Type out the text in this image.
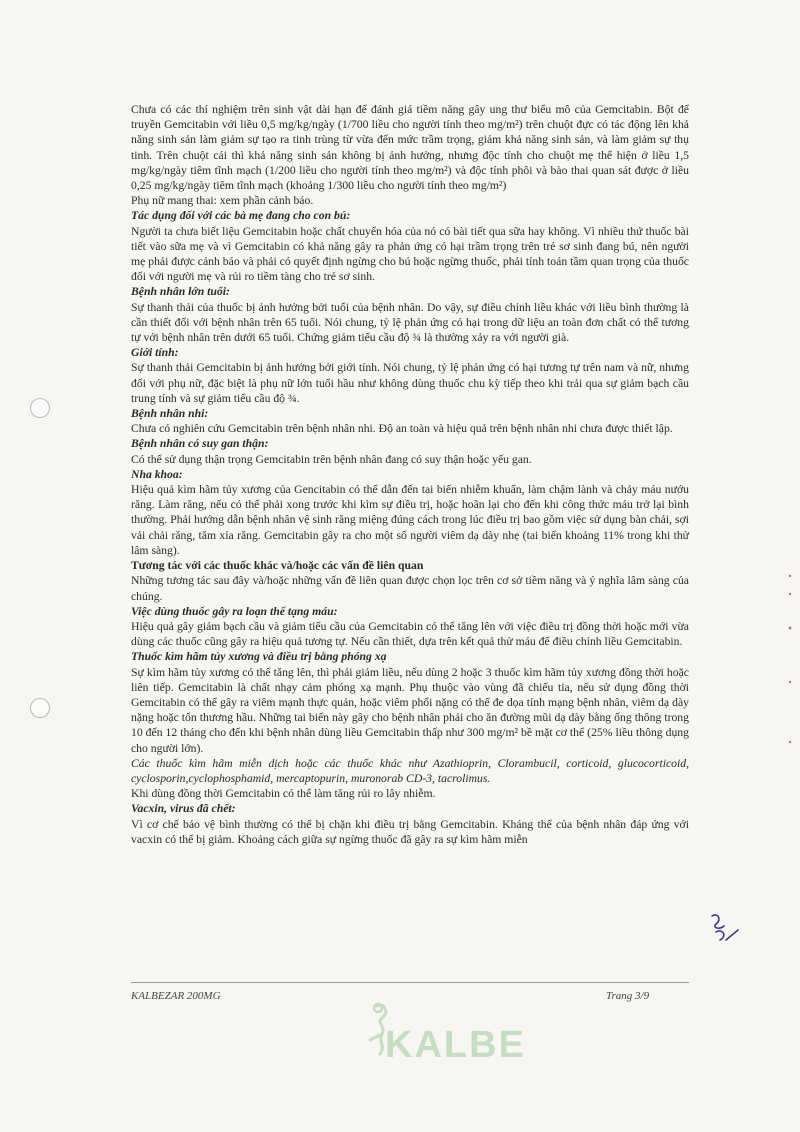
Chưa có các thí nghiệm trên sinh vật dài hạn để đánh giá tiềm năng gây ung thư biểu mô của Gemcitabin. Bột để truyền Gemcitabin với liều 0,5 mg/kg/ngày (1/700 liều cho người tính theo mg/m²) trên chuột đực có tác động lên khả năng sinh sản làm giảm sự tạo ra tinh trùng từ vừa đến mức trầm trọng, giảm khả năng sinh sản, và làm giảm sự thụ tinh. Trên chuột cái thì khả năng sinh sản không bị ảnh hưởng, nhưng độc tính cho chuột mẹ thể hiện ở liều 1,5 mg/kg/ngày tiêm tĩnh mạch (1/200 liều cho người tính theo mg/m²) và độc tính phôi và bào thai quan sát được ở liều 0,25 mg/kg/ngày tiêm tĩnh mạch (khoảng 1/300 liều cho người tính theo mg/m²)

Phụ nữ mang thai: xem phần cảnh báo.

Tác dụng đối với các bà mẹ đang cho con bú:

Người ta chưa biết liệu Gemcitabin hoặc chất chuyển hóa của nó có bài tiết qua sữa hay không. Vì nhiều thứ thuốc bài tiết vào sữa mẹ và vì Gemcitabin có khả năng gây ra phản ứng có hại trầm trọng trên trẻ sơ sinh đang bú, nên người mẹ phải được cảnh báo và phải có quyết định ngừng cho bú hoặc ngừng thuốc, phải tính toán tầm quan trọng của thuốc đối với người mẹ và rủi ro tiềm tàng cho trẻ sơ sinh.

Bệnh nhân lớn tuổi:

Sự thanh thải của thuốc bị ảnh hưởng bởi tuổi của bệnh nhân. Do vậy, sự điều chỉnh liều khác với liều bình thường là cần thiết đối với bệnh nhân trên 65 tuổi. Nói chung, tỷ lệ phản ứng có hại trong dữ liệu an toàn đơn chất có thể tương tự với bệnh nhân trên dưới 65 tuổi. Chứng giảm tiểu cầu độ ¾ là thường xảy ra với người già.

Giới tính:

Sự thanh thải Gemcitabin bị ảnh hưởng bởi giới tính. Nói chung, tỷ lệ phản ứng có hại tương tự trên nam và nữ, nhưng đối với phụ nữ, đặc biệt là phụ nữ lớn tuổi hầu như không dùng thuốc chu kỳ tiếp theo khi trải qua sự giảm bạch cầu trung tính và sự giảm tiểu cầu độ ¾.

Bệnh nhân nhi:

Chưa có nghiên cứu Gemcitabin trên bệnh nhân nhi. Độ an toàn và hiệu quả trên bệnh nhân nhi chưa được thiết lập.

Bệnh nhân có suy gan thận:

Có thể sử dụng thận trọng Gemcitabin trên bệnh nhân đang có suy thận hoặc yếu gan.

Nha khoa:

Hiệu quả kìm hãm tủy xương của Gencitabin có thể dẫn đến tai biến nhiễm khuẩn, làm chậm lành và chảy máu nướu răng. Làm răng, nếu có thể phải xong trước khi kìm sự điều trị, hoặc hoãn lại cho đến khi công thức máu trở lại bình thường. Phải hướng dẫn bệnh nhân vệ sinh răng miệng đúng cách trong lúc điều trị bao gồm việc sử dụng bàn chải, sợi vải chải răng, tăm xỉa răng. Gemcitabin gây ra cho một số người viêm dạ dày nhẹ (tai biến khoảng 11% trong khi thử lâm sàng).

Tương tác với các thuốc khác và/hoặc các vấn đề liên quan

Những tương tác sau đây và/hoặc những vấn đề liên quan được chọn lọc trên cơ sở tiềm năng và ý nghĩa lâm sàng của chúng.

Việc dùng thuốc gây ra loạn thể tạng máu:

Hiệu quả gây giảm bạch cầu và giảm tiểu cầu của Gemcitabin có thể tăng lên với việc điều trị đồng thời hoặc mới vừa dùng các thuốc cũng gây ra hiệu quả tương tự. Nếu cần thiết, dựa trên kết quả thử máu để điều chỉnh liều Gemcitabin.

Thuốc kìm hãm tủy xương và điều trị bằng phóng xạ

Sự kìm hãm tủy xương có thể tăng lên, thì phải giảm liều, nếu dùng 2 hoặc 3 thuốc kìm hãm tủy xương đồng thời hoặc liên tiếp. Gemcitabin là chất nhạy cảm phóng xạ mạnh. Phụ thuộc vào vùng đã chiếu tia, nếu sử dụng đồng thời Gemcitabin có thể gây ra viêm mạnh thực quản, hoặc viêm phổi nặng có thể đe dọa tính mạng bệnh nhân, viêm dạ dày nặng hoặc tổn thương hầu. Những tai biến này gây cho bệnh nhân phải cho ăn đường mũi dạ dày bằng ống thông trong 10 đến 12 tháng cho đến khi bệnh nhân dùng liều Gemcitabin thấp như 300 mg/m² bề mặt cơ thể (25% liều thông dụng cho người lớn).

Các thuốc kìm hãm miễn dịch hoặc các thuốc khác như Azathioprin, Clorambucil, corticoid, glucocorticoid, cyclosporin,cyclophosphamid, mercaptopurin, muronorab CD-3, tacrolimus.

Khi dùng đồng thời Gemcitabin có thể làm tăng rủi ro lây nhiễm.

Vacxin, virus đã chết:

Vì cơ chế bảo vệ bình thường có thể bị chặn khi điều trị bằng Gemcitabin. Kháng thể của bệnh nhân đáp ứng với vacxin có thể bị giảm. Khoảng cách giữa sự ngừng thuốc đã gây ra sự kìm hãm miễn

KALBEZAR 200MG	Trang 3/9
KALBE
